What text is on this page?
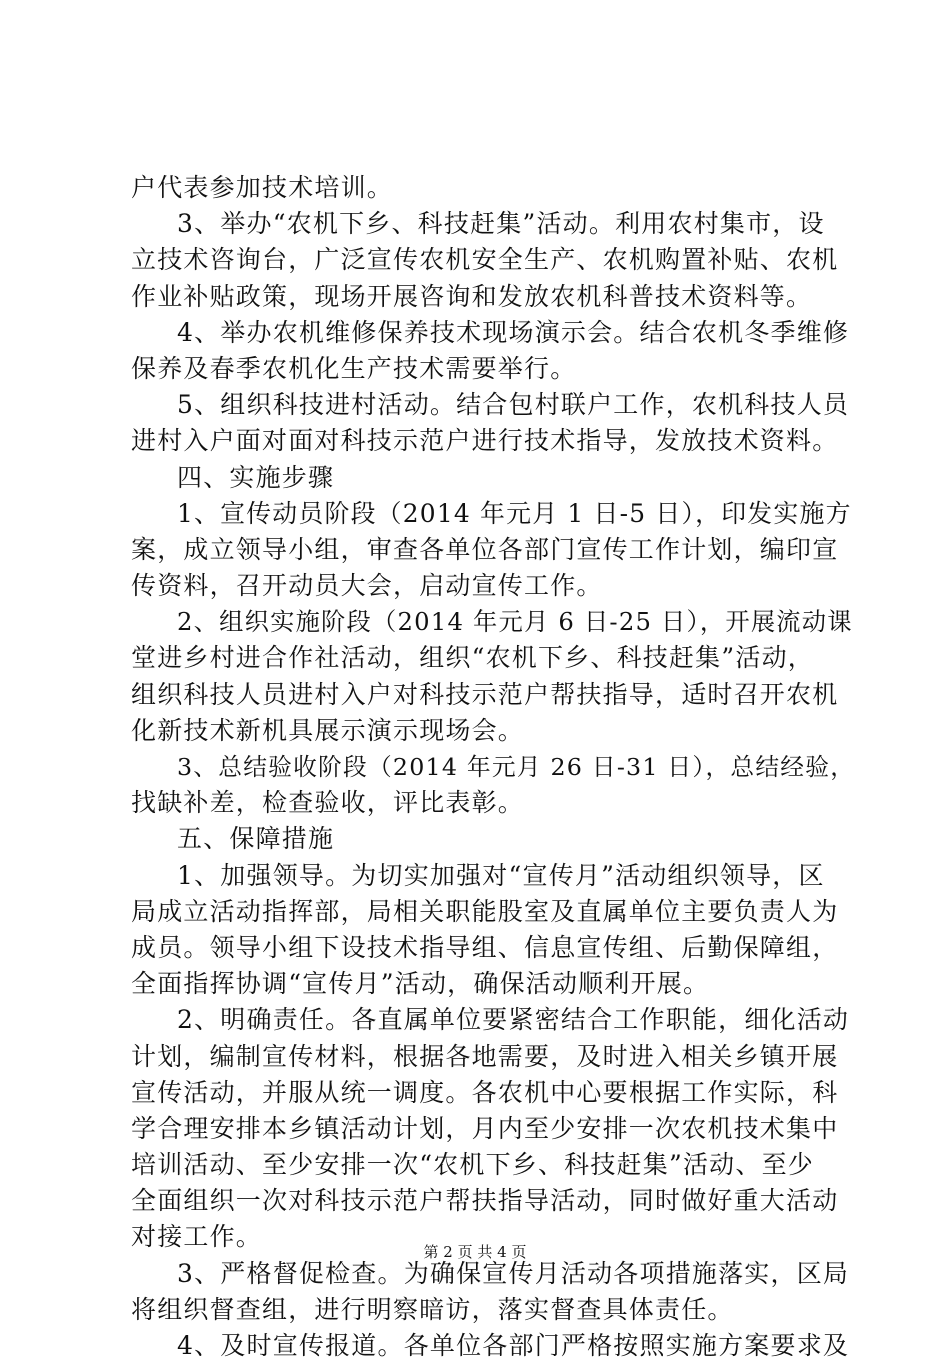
户代表参加技术培训。
3、举办“农机下乡、科技赶集”活动。利用农村集市，设
立技术咨询台，广泛宣传农机安全生产、农机购置补贴、农机
作业补贴政策，现场开展咨询和发放农机科普技术资料等。
4、举办农机维修保养技术现场演示会。结合农机冬季维修
保养及春季农机化生产技术需要举行。
5、组织科技进村活动。结合包村联户工作，农机科技人员
进村入户面对面对科技示范户进行技术指导，发放技术资料。
四、实施步骤
1、宣传动员阶段（2014 年元月 1 日-5 日），印发实施方
案，成立领导小组，审查各单位各部门宣传工作计划，编印宣
传资料，召开动员大会，启动宣传工作。
2、组织实施阶段（2014 年元月 6 日-25 日），开展流动课
堂进乡村进合作社活动，组织“农机下乡、科技赶集”活动，
组织科技人员进村入户对科技示范户帮扶指导，适时召开农机
化新技术新机具展示演示现场会。
3、总结验收阶段（2014 年元月 26 日-31 日），总结经验，
找缺补差，检查验收，评比表彰。
五、保障措施
1、加强领导。为切实加强对“宣传月”活动组织领导，区
局成立活动指挥部，局相关职能股室及直属单位主要负责人为
成员。领导小组下设技术指导组、信息宣传组、后勤保障组，
全面指挥协调“宣传月”活动，确保活动顺利开展。
2、明确责任。各直属单位要紧密结合工作职能，细化活动
计划，编制宣传材料，根据各地需要，及时进入相关乡镇开展
宣传活动，并服从统一调度。各农机中心要根据工作实际，科
学合理安排本乡镇活动计划，月内至少安排一次农机技术集中
培训活动、至少安排一次“农机下乡、科技赶集”活动、至少
全面组织一次对科技示范户帮扶指导活动，同时做好重大活动
对接工作。
3、严格督促检查。为确保宣传月活动各项措施落实，区局
将组织督查组，进行明察暗访，落实督查具体责任。
4、及时宣传报道。各单位各部门严格按照实施方案要求及
第 2 页 共 4 页
